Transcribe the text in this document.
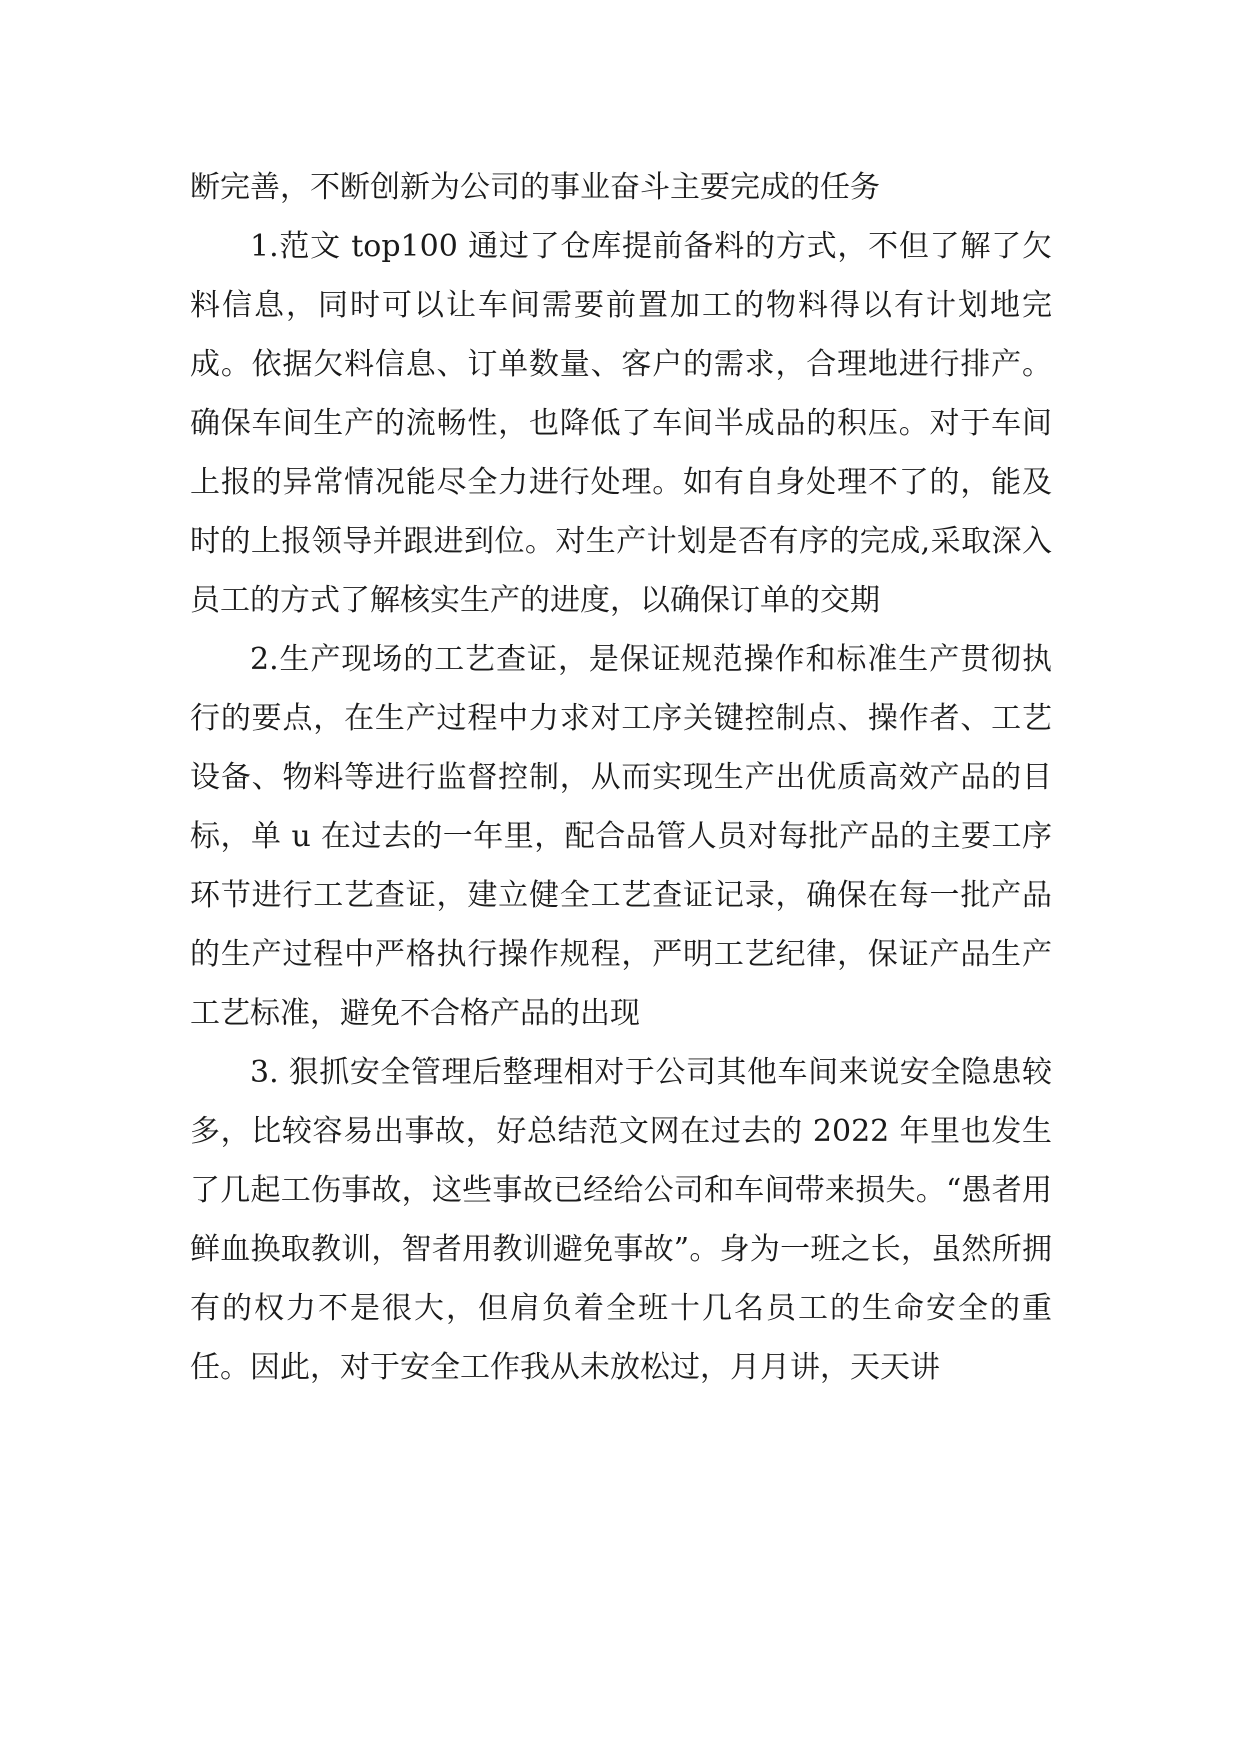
断完善，不断创新为公司的事业奋斗主要完成的任务

1.范文 top100 通过了仓库提前备料的方式，不但了解了欠料信息，同时可以让车间需要前置加工的物料得以有计划地完成。依据欠料信息、订单数量、客户的需求，合理地进行排产。确保车间生产的流畅性，也降低了车间半成品的积压。对于车间上报的异常情况能尽全力进行处理。如有自身处理不了的，能及时的上报领导并跟进到位。对生产计划是否有序的完成,采取深入员工的方式了解核实生产的进度，以确保订单的交期

2.生产现场的工艺查证，是保证规范操作和标准生产贯彻执行的要点，在生产过程中力求对工序关键控制点、操作者、工艺设备、物料等进行监督控制，从而实现生产出优质高效产品的目标，单 u 在过去的一年里，配合品管人员对每批产品的主要工序环节进行工艺查证，建立健全工艺查证记录，确保在每一批产品的生产过程中严格执行操作规程，严明工艺纪律，保证产品生产工艺标准，避免不合格产品的出现

3. 狠抓安全管理后整理相对于公司其他车间来说安全隐患较多，比较容易出事故，好总结范文网在过去的 2022 年里也发生了几起工伤事故，这些事故已经给公司和车间带来损失。“愚者用鲜血换取教训，智者用教训避免事故”。身为一班之长，虽然所拥有的权力不是很大，但肩负着全班十几名员工的生命安全的重任。因此，对于安全工作我从未放松过，月月讲，天天讲
